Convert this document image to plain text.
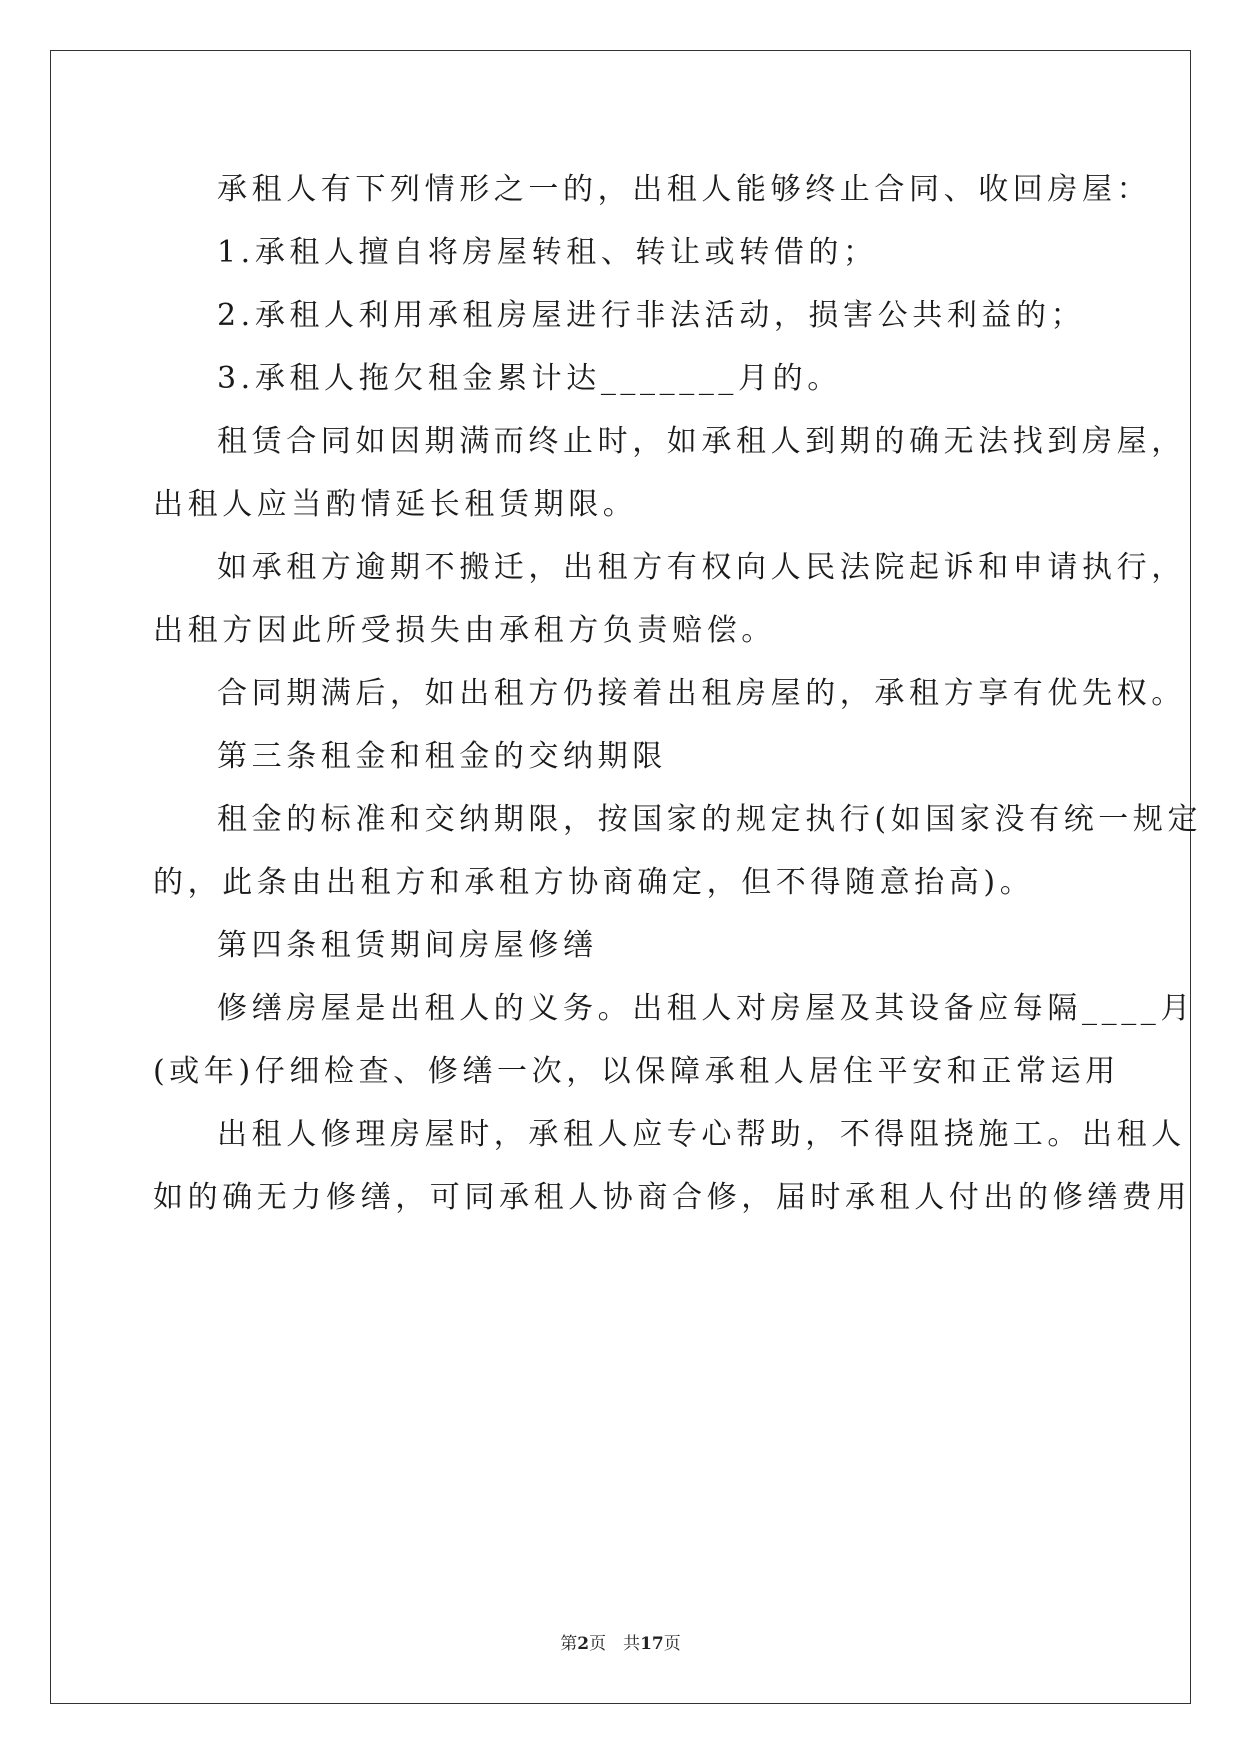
承租人有下列情形之一的，出租人能够终止合同、收回房屋：

1.承租人擅自将房屋转租、转让或转借的；

2.承租人利用承租房屋进行非法活动，损害公共利益的；

3.承租人拖欠租金累计达_______月的。

租赁合同如因期满而终止时，如承租人到期的确无法找到房屋，
出租人应当酌情延长租赁期限。

如承租方逾期不搬迁，出租方有权向人民法院起诉和申请执行，
出租方因此所受损失由承租方负责赔偿。

合同期满后，如出租方仍接着出租房屋的，承租方享有优先权。

第三条租金和租金的交纳期限

租金的标准和交纳期限，按国家的规定执行(如国家没有统一规定
的，此条由出租方和承租方协商确定，但不得随意抬高)。

第四条租赁期间房屋修缮

修缮房屋是出租人的义务。出租人对房屋及其设备应每隔____月
(或年)仔细检查、修缮一次，以保障承租人居住平安和正常运用

出租人修理房屋时，承租人应专心帮助，不得阻挠施工。出租人
如的确无力修缮，可同承租人协商合修，届时承租人付出的修缮费用

第2页　共17页
